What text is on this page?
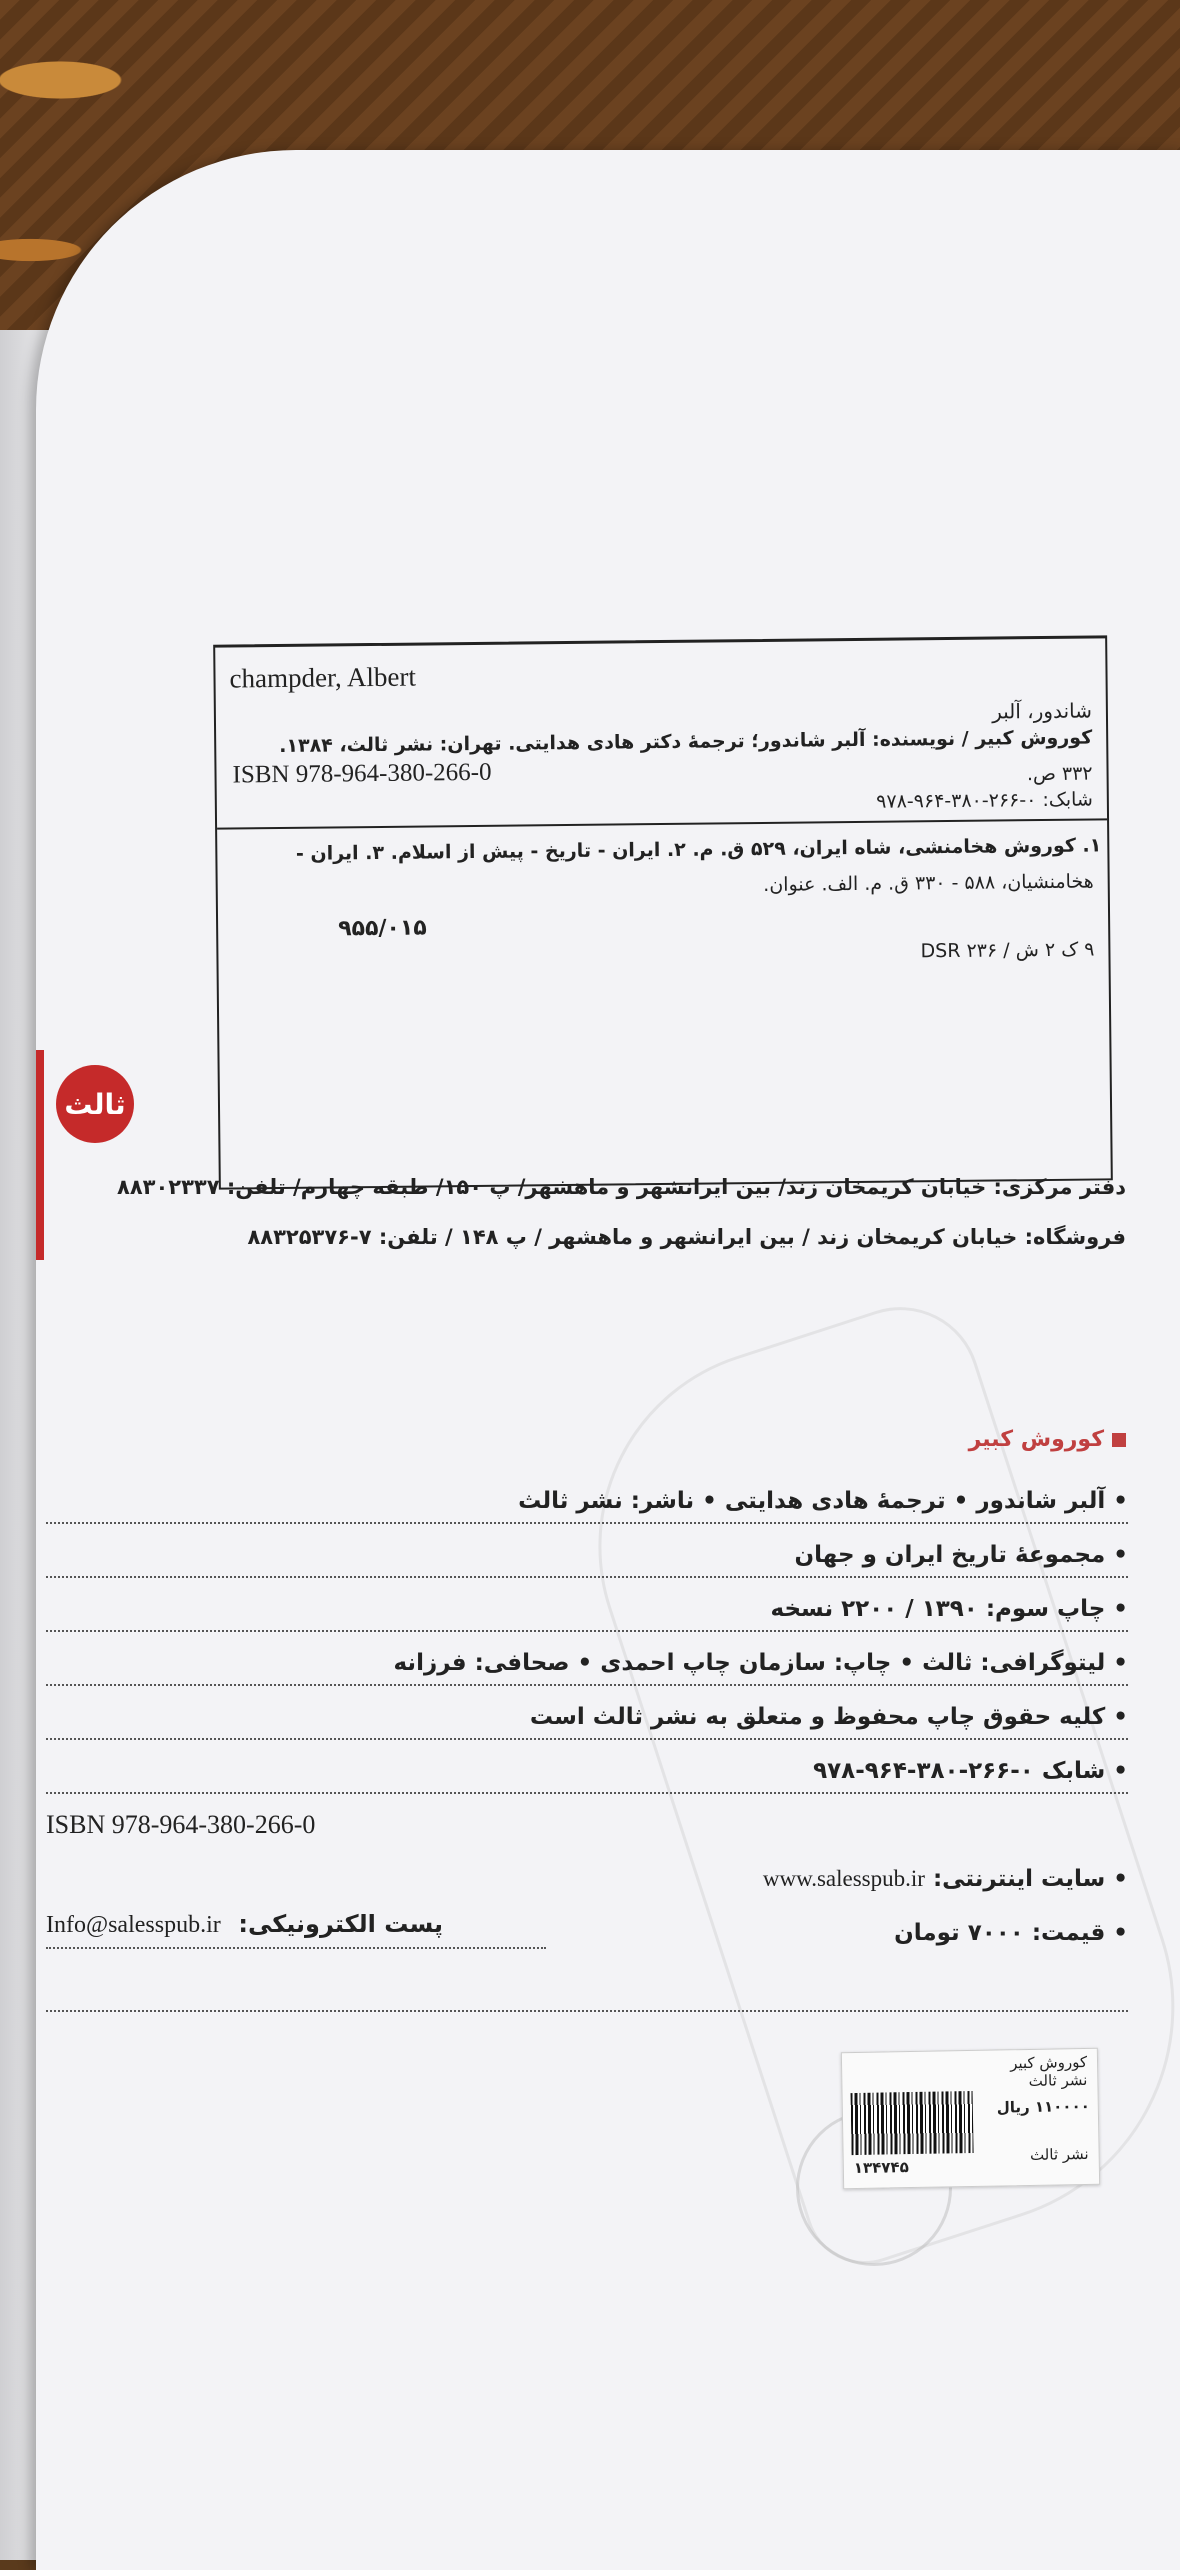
champder, Albert
شاندور، آلبر
کوروش کبیر / نویسنده: آلبر شاندور؛ ترجمهٔ دکتر هادی هدایتی. تهران: نشر ثالث، ۱۳۸۴.
۳۳۲ ص.
ISBN 978-964-380-266-0
شابک: ۰-۲۶۶-۳۸۰-۹۶۴-۹۷۸
۱. کوروش هخامنشی، شاه ایران، ۵۲۹ ق. م. ۲. ایران - تاریخ - پیش از اسلام. ۳. ایران -
هخامنشیان، ۵۸۸ - ۳۳۰ ق. م. الف. عنوان.
۹۵۵/۰۱۵
۹ ک ۲ ش / ۲۳۶ DSR
ثالث
دفتر مرکزی: خیابان کریمخان زند/ بین ایرانشهر و ماهشهر/ پ ۱۵۰/ طبقه چهارم/ تلفن: ۸۸۳۰۲۳۳۷
فروشگاه: خیابان کریمخان زند / بین ایرانشهر و ماهشهر / پ ۱۴۸ / تلفن: ۷-۸۸۳۲۵۳۷۶
کوروش کبیر
• آلبر شاندور • ترجمهٔ هادی هدایتی • ناشر: نشر ثالث
• مجموعهٔ تاریخ ایران و جهان
• چاپ سوم: ۱۳۹۰ / ۲۲۰۰ نسخه
• لیتوگرافی: ثالث • چاپ: سازمان چاپ احمدی • صحافی: فرزانه
• کلیه حقوق چاپ محفوظ و متعلق به نشر ثالث است
• شابک ۰-۲۶۶-۳۸۰-۹۶۴-۹۷۸
ISBN 978-964-380-266-0
• سایت اینترنتی: www.salesspub.ir
Info@salesspub.ir پست الکترونیکی:	• قیمت: ۷۰۰۰ تومان
کوروش کبیر
نشر ثالث
۱۱۰۰۰۰ ریال
۱۳۴۷۴۵
نشر ثالث
